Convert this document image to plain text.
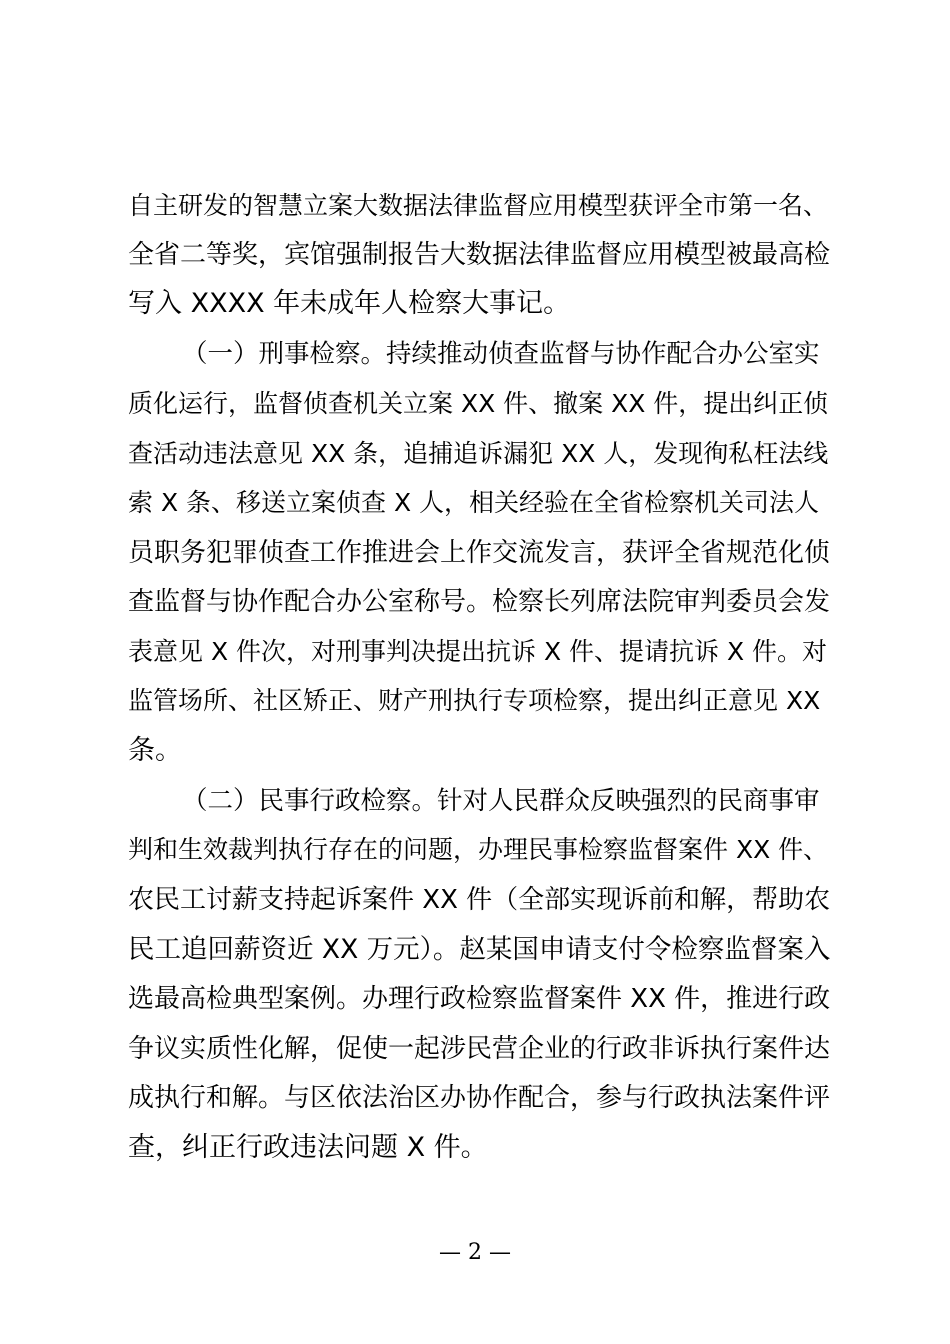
自主研发的智慧立案大数据法律监督应用模型获评全市第一名、
全省二等奖，宾馆强制报告大数据法律监督应用模型被最高检
写入 XXXX 年未成年人检察大事记。
（一）刑事检察。持续推动侦查监督与协作配合办公室实
质化运行，监督侦查机关立案 XX 件、撤案 XX 件，提出纠正侦
查活动违法意见 XX 条，追捕追诉漏犯 XX 人，发现徇私枉法线
索 X 条、移送立案侦查 X 人，相关经验在全省检察机关司法人
员职务犯罪侦查工作推进会上作交流发言，获评全省规范化侦
查监督与协作配合办公室称号。检察长列席法院审判委员会发
表意见 X 件次，对刑事判决提出抗诉 X 件、提请抗诉 X 件。对
监管场所、社区矫正、财产刑执行专项检察，提出纠正意见 XX
条。
（二）民事行政检察。针对人民群众反映强烈的民商事审
判和生效裁判执行存在的问题，办理民事检察监督案件 XX 件、
农民工讨薪支持起诉案件 XX 件（全部实现诉前和解，帮助农
民工追回薪资近 XX 万元）。赵某国申请支付令检察监督案入
选最高检典型案例。办理行政检察监督案件 XX 件，推进行政
争议实质性化解，促使一起涉民营企业的行政非诉执行案件达
成执行和解。与区依法治区办协作配合，参与行政执法案件评
查，纠正行政违法问题 X 件。
— 2 —
